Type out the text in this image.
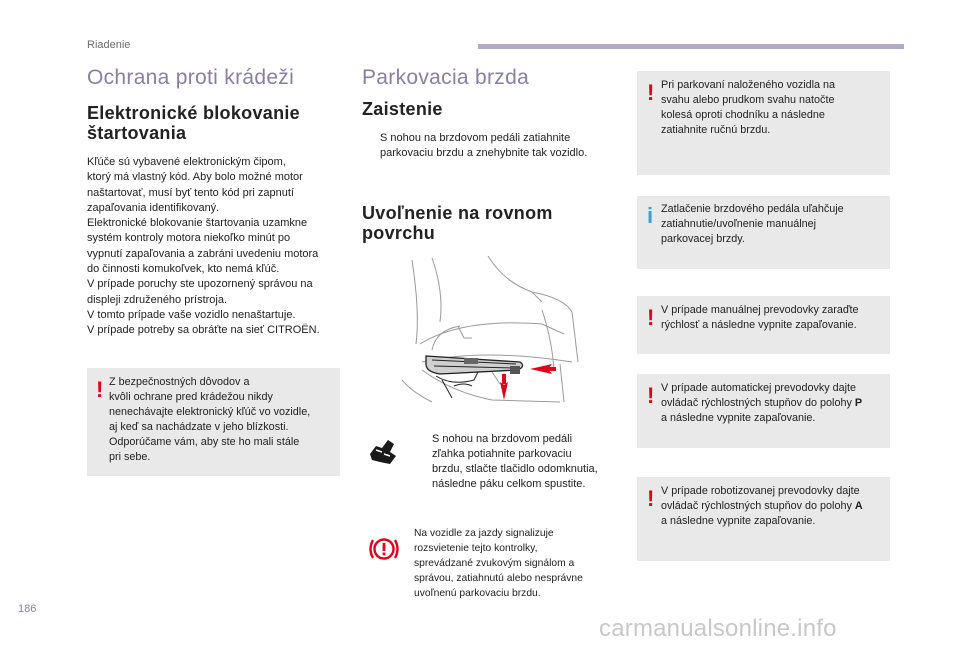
Riadenie
Ochrana proti krádeži
Elektronické blokovanie štartovania
Kľúče sú vybavené elektronickým čipom,
ktorý má vlastný kód. Aby bolo možné motor
naštartovať, musí byť tento kód pri zapnutí
zapaľovania identifikovaný.
Elektronické blokovanie štartovania uzamkne
systém kontroly motora niekoľko minút po
vypnutí zapaľovania a zabráni uvedeniu motora
do činnosti komukoľvek, kto nemá kľúč.
V prípade poruchy ste upozornený správou na
displeji združeného prístroja.
V tomto prípade vaše vozidlo nenaštartuje.
V prípade potreby sa obráťte na sieť CITROËN.
! Z bezpečnostných dôvodov a
kvôli ochrane pred krádežou nikdy
nenechávajte elektronický kľúč vo vozidle,
aj keď sa nachádzate v jeho blízkosti.
Odporúčame vám, aby ste ho mali stále
pri sebe.
Parkovacia brzda
Zaistenie
S nohou na brzdovom pedáli zatiahnite
parkovaciu brzdu a znehybnite tak vozidlo.
Uvoľnenie na rovnom
povrchu
S nohou na brzdovom pedáli
zľahka potiahnite parkovaciu
brzdu, stlačte tlačidlo odomknutia,
následne páku celkom spustite.
Na vozidle za jazdy signalizuje
rozsvietenie tejto kontrolky,
sprevádzané zvukovým signálom a
správou, zatiahnutú alebo nesprávne
uvoľnenú parkovaciu brzdu.
! Pri parkovaní naloženého vozidla na
svahu alebo prudkom svahu natočte
kolesá oproti chodníku a následne
zatiahnite ručnú brzdu.
i Zatlačenie brzdového pedála uľahčuje
zatiahnutie/uvoľnenie manuálnej
parkovacej brzdy.
! V prípade manuálnej prevodovky zaraďte
rýchlosť a následne vypnite zapaľovanie.
! V prípade automatickej prevodovky dajte
ovládač rýchlostných stupňov do polohy P
a následne vypnite zapaľovanie.
! V prípade robotizovanej prevodovky dajte
ovládač rýchlostných stupňov do polohy A
a následne vypnite zapaľovanie.
186
carmanualsonline.info
